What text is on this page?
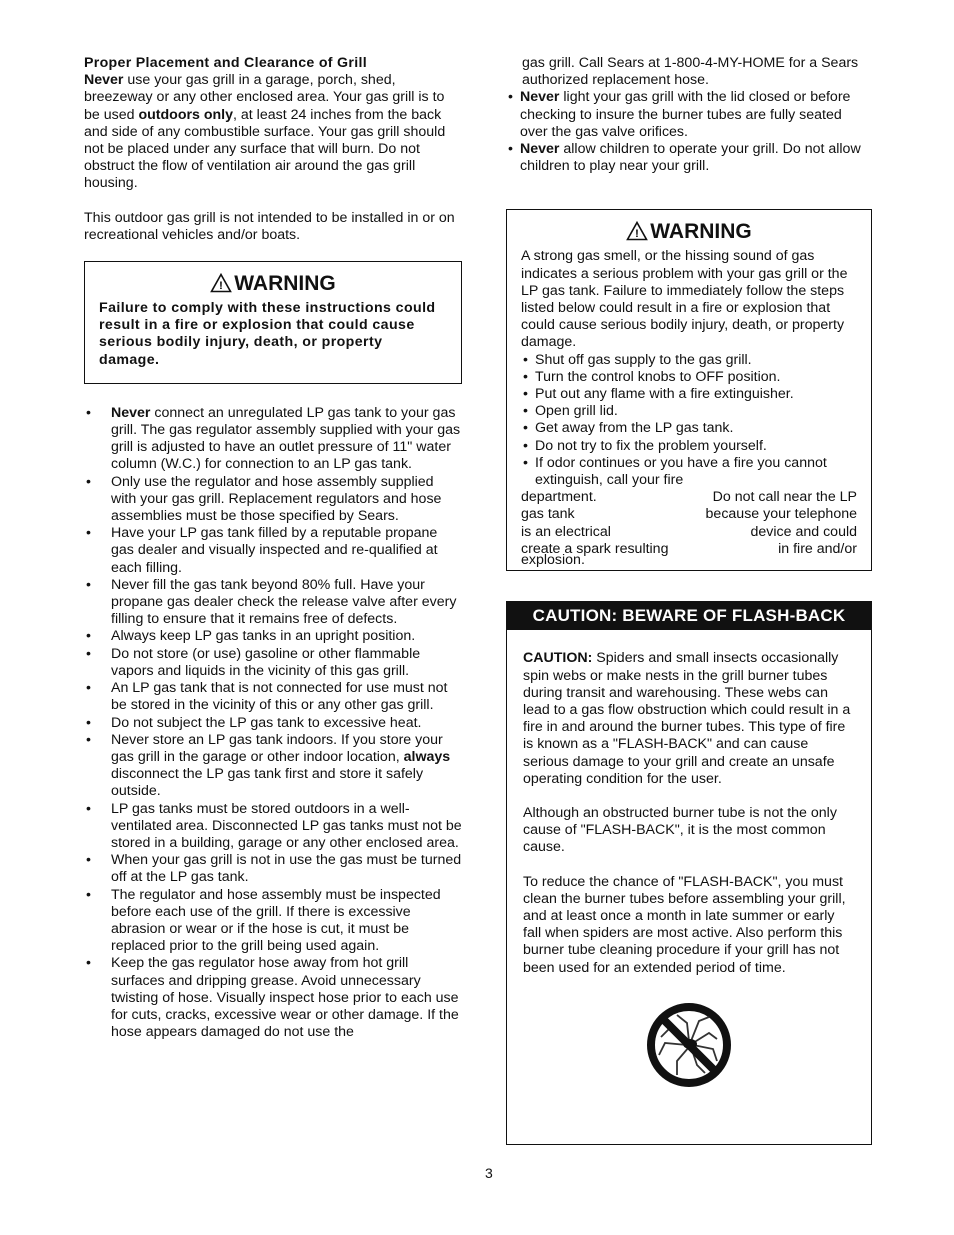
Proper Placement and Clearance of Grill

Never use your gas grill in a garage, porch, shed, breezeway or any other enclosed area. Your gas grill is to be used outdoors only, at least 24 inches from the back and side of any combustible surface. Your gas grill should not be placed under any surface that will burn. Do not obstruct the flow of ventilation air around the gas grill housing.

This outdoor gas grill is not intended to be installed in or on recreational vehicles and/or boats.

! WARNING
Failure to comply with these instructions could result in a fire or explosion that could cause serious bodily injury, death, or property damage.
• Never connect an unregulated LP gas tank to your gas grill. The gas regulator assembly supplied with your gas grill is adjusted to have an outlet pressure of 11" water column (W.C.) for connection to an LP gas tank.
• Only use the regulator and hose assembly supplied with your gas grill. Replacement regulators and hose assemblies must be those specified by Sears.
• Have your LP gas tank filled by a reputable propane gas dealer and visually inspected and re-qualified at each filling.
• Never fill the gas tank beyond 80% full. Have your propane gas dealer check the release valve after every filling to ensure that it remains free of defects.
• Always keep LP gas tanks in an upright position.
• Do not store (or use) gasoline or other flammable vapors and liquids in the vicinity of this gas grill.
• An LP gas tank that is not connected for use must not be stored in the vicinity of this or any other gas grill.
• Do not subject the LP gas tank to excessive heat.
• Never store an LP gas tank indoors. If you store your gas grill in the garage or other indoor location, always disconnect the LP gas tank first and store it safely outside.
• LP gas tanks must be stored outdoors in a well-ventilated area. Disconnected LP gas tanks must not be stored in a building, garage or any other enclosed area.
• When your gas grill is not in use the gas must be turned off at the LP gas tank.
• The regulator and hose assembly must be inspected before each use of the grill. If there is excessive abrasion or wear or if the hose is cut, it must be replaced prior to the grill being used again.
• Keep the gas regulator hose away from hot grill surfaces and dripping grease. Avoid unnecessary twisting of hose. Visually inspect hose prior to each use for cuts, cracks, excessive wear or other damage. If the hose appears damaged do not use the

gas grill. Call Sears at 1-800-4-MY-HOME for a Sears authorized replacement hose.

• Never light your gas grill with the lid closed or before checking to insure the burner tubes are fully seated over the gas valve orifices.
• Never allow children to operate your grill. Do not allow children to play near your grill.
! WARNING

A strong gas smell, or the hissing sound of gas indicates a serious problem with your gas grill or the LP gas tank. Failure to immediately follow the steps listed below could result in a fire or explosion that could cause serious bodily injury, death, or property damage.

• Shut off gas supply to the gas grill.
• Turn the control knobs to OFF position.
• Put out any flame with a fire extinguisher.
• Open grill lid.
• Get away from the LP gas tank.
• Do not try to fix the problem yourself.
• If odor continues or you have a fire you cannot extinguish, call your fire
department.	Do not call near the LP
gas tank	because your telephone
is an electrical	device and could
create a spark resulting	in fire and/or
explosion.
CAUTION: BEWARE OF FLASH-BACK

CAUTION: Spiders and small insects occasionally spin webs or make nests in the grill burner tubes during transit and warehousing. These webs can lead to a gas flow obstruction which could result in a fire in and around the burner tubes. This type of fire is known as a "FLASH-BACK" and can cause serious damage to your grill and create an unsafe operating condition for the user.

Although an obstructed burner tube is not the only cause of "FLASH-BACK", it is the most common cause.

To reduce the chance of "FLASH-BACK", you must clean the burner tubes before assembling your grill, and at least once a month in late summer or early fall when spiders are most active. Also perform this burner tube cleaning procedure if your grill has not been used for an extended period of time.

3
